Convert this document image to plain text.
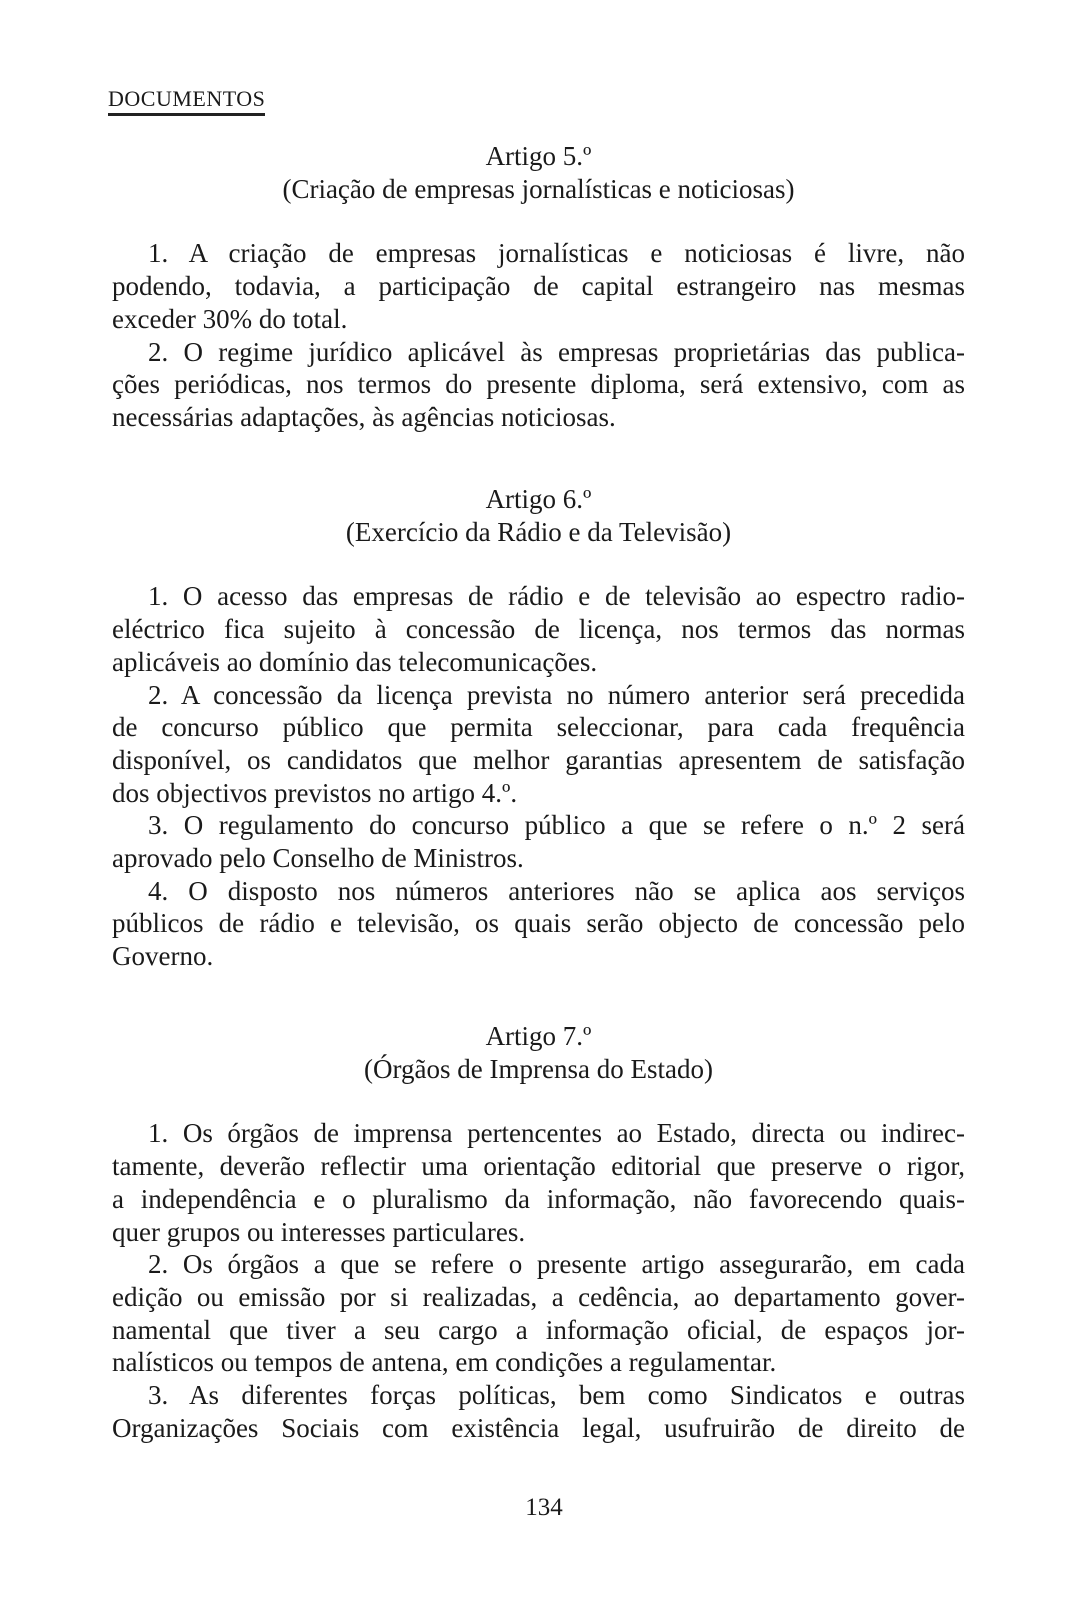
DOCUMENTOS
Artigo 5.º
(Criação de empresas jornalísticas e noticiosas)
1. A criação de empresas jornalísticas e noticiosas é livre, não
podendo, todavia, a participação de capital estrangeiro nas mesmas
exceder 30% do total.
2. O regime jurídico aplicável às empresas proprietárias das publica-
ções periódicas, nos termos do presente diploma, será extensivo, com as
necessárias adaptações, às agências noticiosas.
Artigo 6.º
(Exercício da Rádio e da Televisão)
1. O acesso das empresas de rádio e de televisão ao espectro radio-
eléctrico fica sujeito à concessão de licença, nos termos das normas
aplicáveis ao domínio das telecomunicações.
2. A concessão da licença prevista no número anterior será precedida
de concurso público que permita seleccionar, para cada frequência
disponível, os candidatos que melhor garantias apresentem de satisfação
dos objectivos previstos no artigo 4.º.
3. O regulamento do concurso público a que se refere o n.º 2 será
aprovado pelo Conselho de Ministros.
4. O disposto nos números anteriores não se aplica aos serviços
públicos de rádio e televisão, os quais serão objecto de concessão pelo
Governo.
Artigo 7.º
(Órgãos de Imprensa do Estado)
1. Os órgãos de imprensa pertencentes ao Estado, directa ou indirec-
tamente, deverão reflectir uma orientação editorial que preserve o rigor,
a independência e o pluralismo da informação, não favorecendo quais-
quer grupos ou interesses particulares.
2. Os órgãos a que se refere o presente artigo assegurarão, em cada
edição ou emissão por si realizadas, a cedência, ao departamento gover-
namental que tiver a seu cargo a informação oficial, de espaços jor-
nalísticos ou tempos de antena, em condições a regulamentar.
3. As diferentes forças políticas, bem como Sindicatos e outras
Organizações Sociais com existência legal, usufruirão de direito de
134
